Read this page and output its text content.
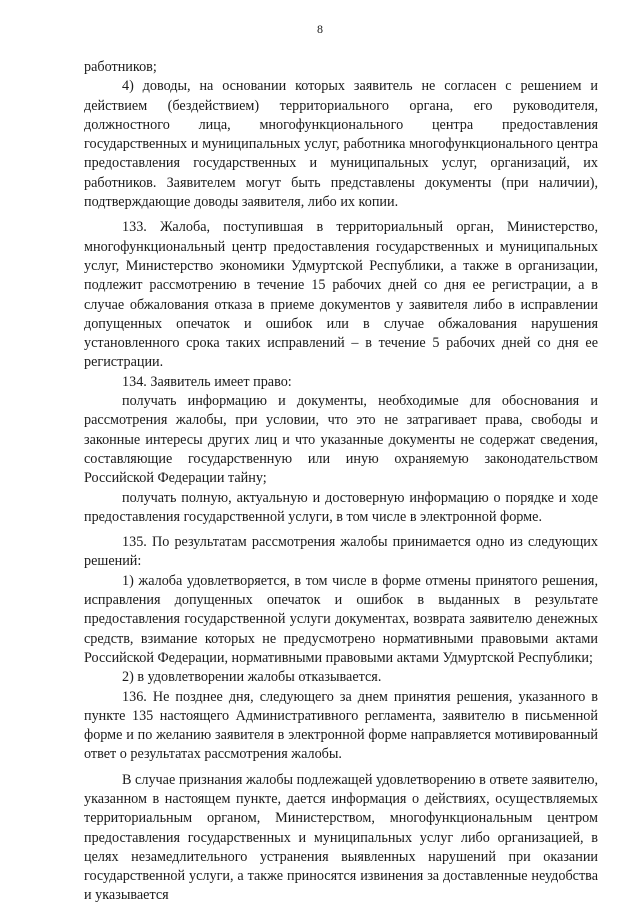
8

работников;

4) доводы, на основании которых заявитель не согласен с решением и действием (бездействием) территориального органа, его руководителя, должностного лица, многофункционального центра предоставления государственных и муниципальных услуг, работника многофункционального центра предоставления государственных и муниципальных услуг, организаций, их работников. Заявителем могут быть представлены документы (при наличии), подтверждающие доводы заявителя, либо их копии.

133. Жалоба, поступившая в территориальный орган, Министерство, многофункциональный центр предоставления государственных и муниципальных услуг, Министерство экономики Удмуртской Республики, а также в организации, подлежит рассмотрению в течение 15 рабочих дней со дня ее регистрации, а в случае обжалования отказа в приеме документов у заявителя либо в исправлении допущенных опечаток и ошибок или в случае обжалования нарушения установленного срока таких исправлений – в течение 5 рабочих дней со дня ее регистрации.

134. Заявитель имеет право:

получать информацию и документы, необходимые для обоснования и рассмотрения жалобы, при условии, что это не затрагивает права, свободы и законные интересы других лиц и что указанные документы не содержат сведения, составляющие государственную или иную охраняемую законодательством Российской Федерации тайну;

получать полную, актуальную и достоверную информацию о порядке и ходе предоставления государственной услуги, в том числе в электронной форме.

135. По результатам рассмотрения жалобы принимается одно из следующих решений:

1) жалоба удовлетворяется, в том числе в форме отмены принятого решения, исправления допущенных опечаток и ошибок в выданных в результате предоставления государственной услуги документах, возврата заявителю денежных средств, взимание которых не предусмотрено нормативными правовыми актами Российской Федерации, нормативными правовыми актами Удмуртской Республики;

2) в удовлетворении жалобы отказывается.

136. Не позднее дня, следующего за днем принятия решения, указанного в пункте 135 настоящего Административного регламента, заявителю в письменной форме и по желанию заявителя в электронной форме направляется мотивированный ответ о результатах рассмотрения жалобы.

В случае признания жалобы подлежащей удовлетворению в ответе заявителю, указанном в настоящем пункте, дается информация о действиях, осуществляемых территориальным органом, Министерством, многофункциональным центром предоставления государственных и муниципальных услуг либо организацией, в целях незамедлительного устранения выявленных нарушений при оказании государственной услуги, а также приносятся извинения за доставленные неудобства и указывается
